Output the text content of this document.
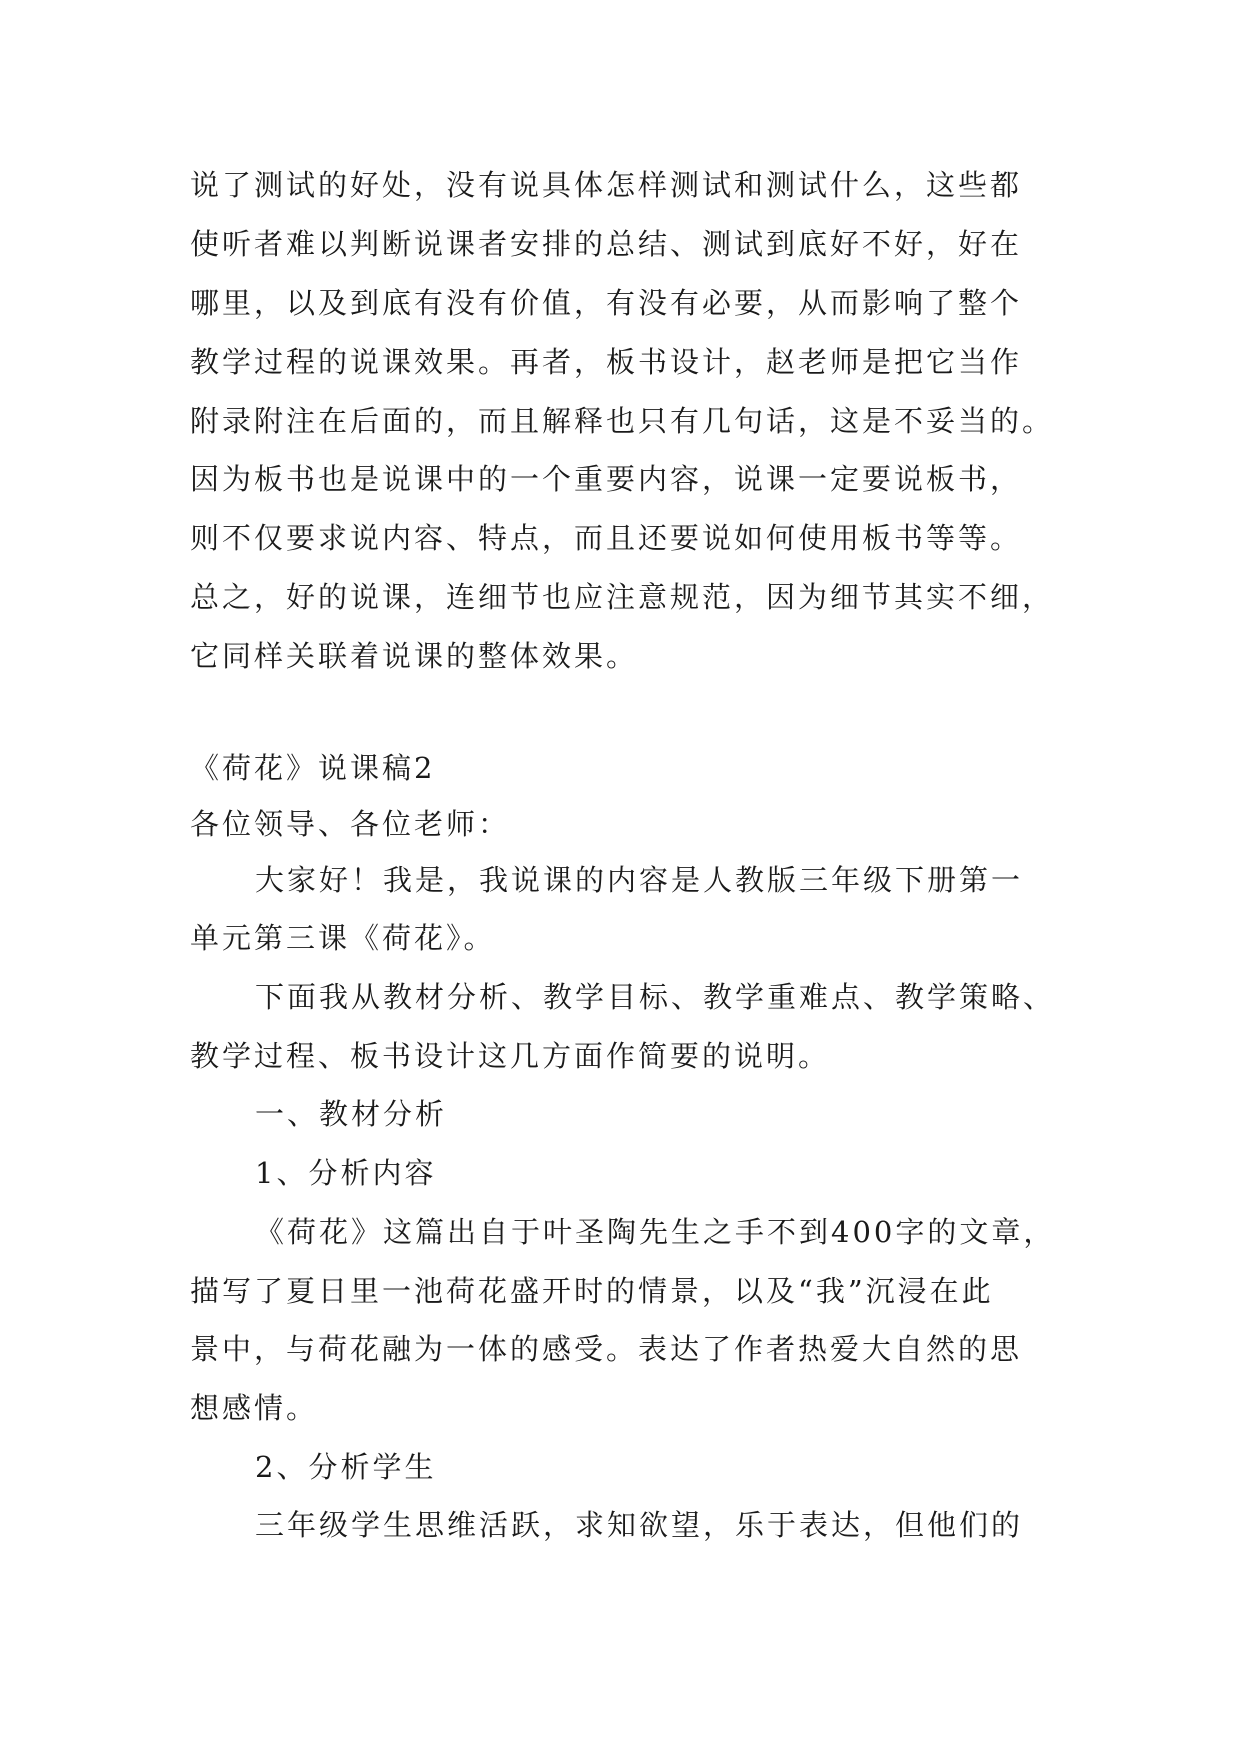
说了测试的好处，没有说具体怎样测试和测试什么，这些都
使听者难以判断说课者安排的总结、测试到底好不好，好在
哪里，以及到底有没有价值，有没有必要，从而影响了整个
教学过程的说课效果。再者，板书设计，赵老师是把它当作
附录附注在后面的，而且解释也只有几句话，这是不妥当的。
因为板书也是说课中的一个重要内容，说课一定要说板书，
则不仅要求说内容、特点，而且还要说如何使用板书等等。
总之，好的说课，连细节也应注意规范，因为细节其实不细，
它同样关联着说课的整体效果。
《荷花》说课稿2
各位领导、各位老师：
大家好！我是，我说课的内容是人教版三年级下册第一
单元第三课《荷花》。
下面我从教材分析、教学目标、教学重难点、教学策略、
教学过程、板书设计这几方面作简要的说明。
一、教材分析
1、分析内容
《荷花》这篇出自于叶圣陶先生之手不到400字的文章，
描写了夏日里一池荷花盛开时的情景，以及“我”沉浸在此
景中，与荷花融为一体的感受。表达了作者热爱大自然的思
想感情。
2、分析学生
三年级学生思维活跃，求知欲望，乐于表达，但他们的
